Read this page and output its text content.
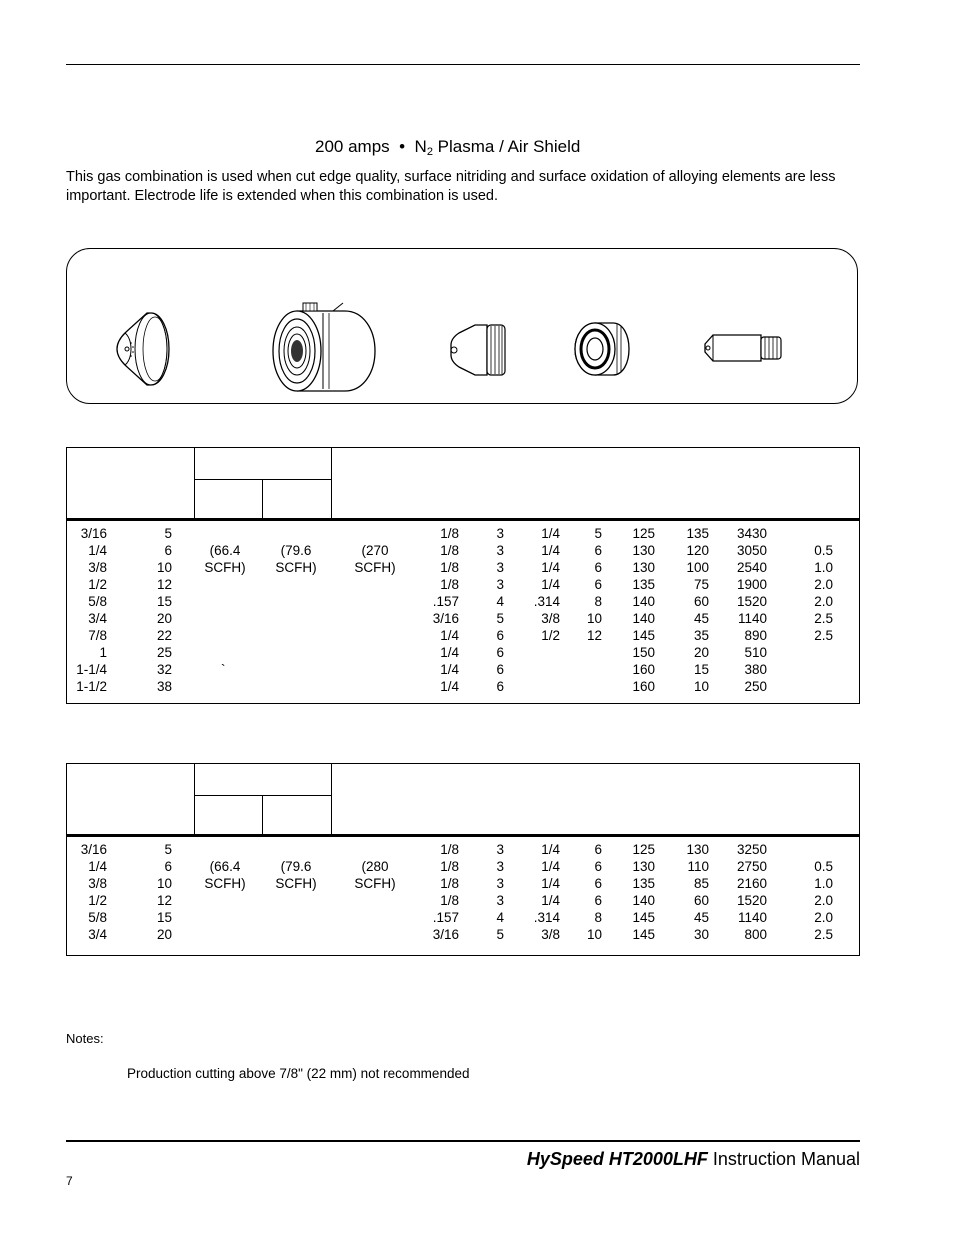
200 amps • $N_2$ Plasma / Air Shield
This gas combination is used when cut edge quality, surface nitriding and surface oxidation of alloying elements are less important. Electrode life is extended when this combination is used.
3/16
1/4
3/8
1/2
5/8
3/4
7/8
1
1-1/4
1-1/2
5
6
10
12
15
20
22
25
32
38
(66.4
SCFH)
(79.6
SCFH)
(270
SCFH)
`
1/8
1/8
1/8
1/8
.157
3/16
1/4
1/4
1/4
1/4
3
3
3
3
4
5
6
6
6
6
1/4
1/4
1/4
1/4
.314
3/8
1/2
5
6
6
6
8
10
12
125
130
130
135
140
140
145
150
160
160
135
120
100
75
60
45
35
20
15
10
3430
3050
2540
1900
1520
1140
890
510
380
250
0.5
1.0
2.0
2.0
2.5
2.5
3/16
1/4
3/8
1/2
5/8
3/4
5
6
10
12
15
20
(66.4
SCFH)
(79.6
SCFH)
(280
SCFH)
1/8
1/8
1/8
1/8
.157
3/16
3
3
3
3
4
5
1/4
1/4
1/4
1/4
.314
3/8
6
6
6
6
8
10
125
130
135
140
145
145
130
110
85
60
45
30
3250
2750
2160
1520
1140
800
0.5
1.0
2.0
2.0
2.5
Notes:
Production cutting above 7/8" (22 mm) not recommended
HySpeed HT2000LHF Instruction Manual
7
